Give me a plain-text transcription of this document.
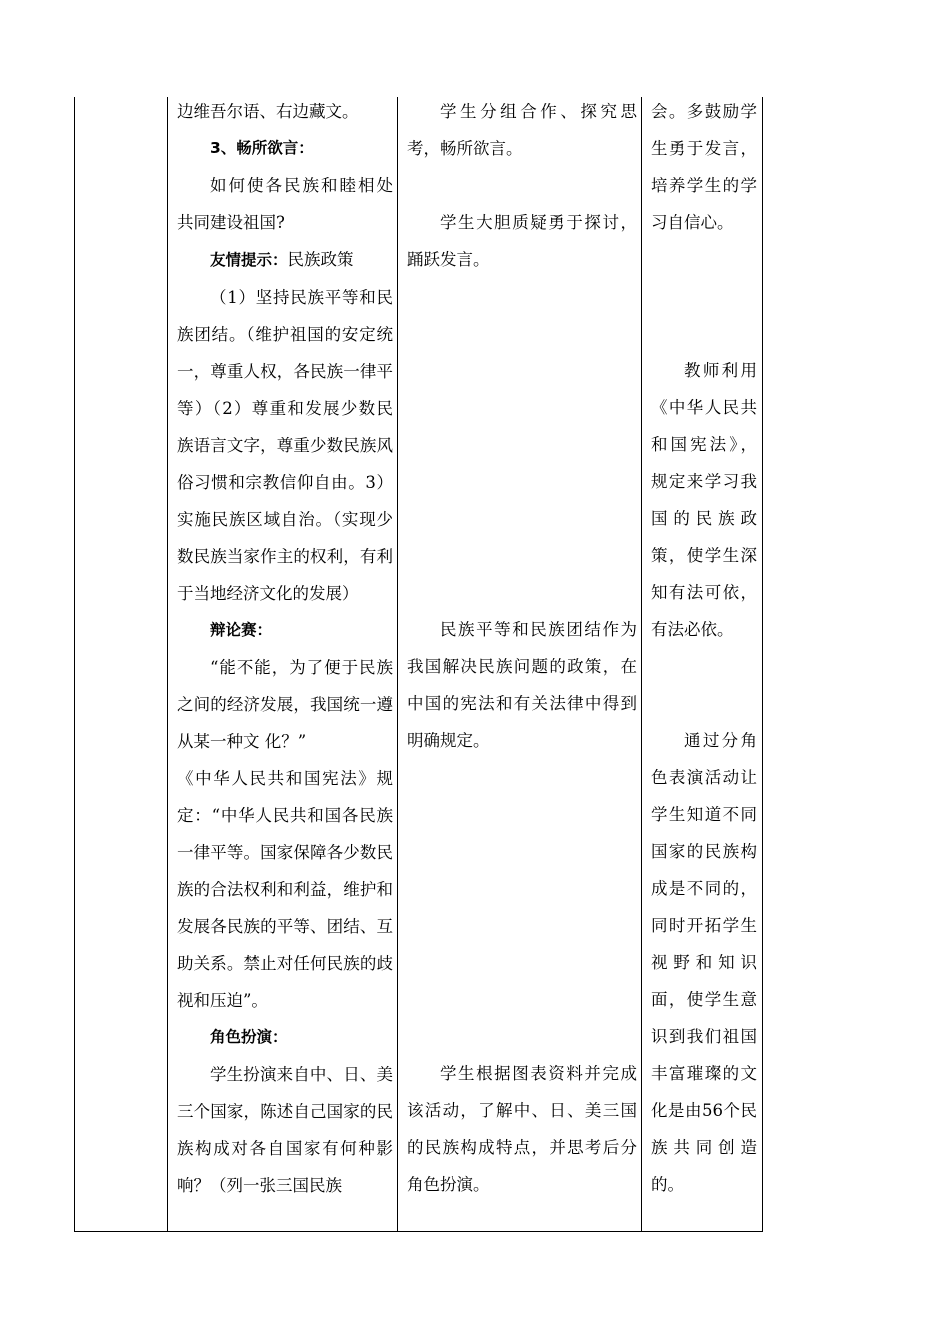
边维吾尔语、右边藏文。

3、畅所欲言：

如何使各民族和睦相处

共同建设祖国?

友情提示：民族政策

（1）坚持民族平等和民族团结。（维护祖国的安定统一，尊重人权，各民族一律平等）（2）尊重和发展少数民族语言文字，尊重少数民族风俗习惯和宗教信仰自由。3）实施民族区域自治。（实现少数民族当家作主的权利，有利于当地经济文化的发展）

辩论赛：

“能不能，为了便于民族之间的经济发展，我国统一遵从某一种文 化？”

《中华人民共和国宪法》规定：“中华人民共和国各民族一律平等。国家保障各少数民族的合法权利和利益，维护和发展各民族的平等、团结、互助关系。禁止对任何民族的歧视和压迫”。

角色扮演：

学生扮演来自中、日、美三个国家，陈述自己国家的民族构成对各自国家有何种影响？（列一张三国民族

学生分组合作、探究思考，畅所欲言。

学生大胆质疑勇于探讨，踊跃发言。

民族平等和民族团结作为我国解决民族问题的政策，在中国的宪法和有关法律中得到明确规定。

学生根据图表资料并完成该活动，了解中、日、美三国的民族构成特点，并思考后分角色扮演。

会。多鼓励学生勇于发言，培养学生的学习自信心。

教师利用《中华人民共和国宪法》，规定来学习我国的民族政策，使学生深知有法可依，有法必依。

通过分角色表演活动让学生知道不同国家的民族构成是不同的，同时开拓学生视野和知识面，使学生意识到我们祖国丰富璀璨的文化是由56个民族共同创造的。
